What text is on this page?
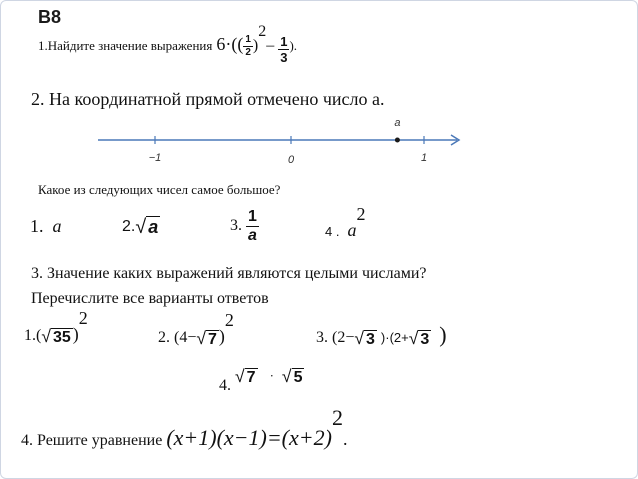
В8
1.Найдите значение выражения $6\cdot(( \frac{1}{2} )^2- \frac{1}{3}$ ).
2. На координатной прямой отмечено число а.
a
−1	0	1
Какое из следующих чисел самое большое?
1. a	2.√ a	3. $\frac{1}{a}$	4 . $a^2$
3. Значение каких выражений являются целыми числами?
Перечислите все варианты ответов
1.(√ 35 )$^2$
2. (4−√ 7 )$^2$
3. (2−√ 3 )·(2+√ 3 )
4. √ 7 · √ 5
4. Решите уравнение $(x+1)(x-1)=(x+2)^2$.
